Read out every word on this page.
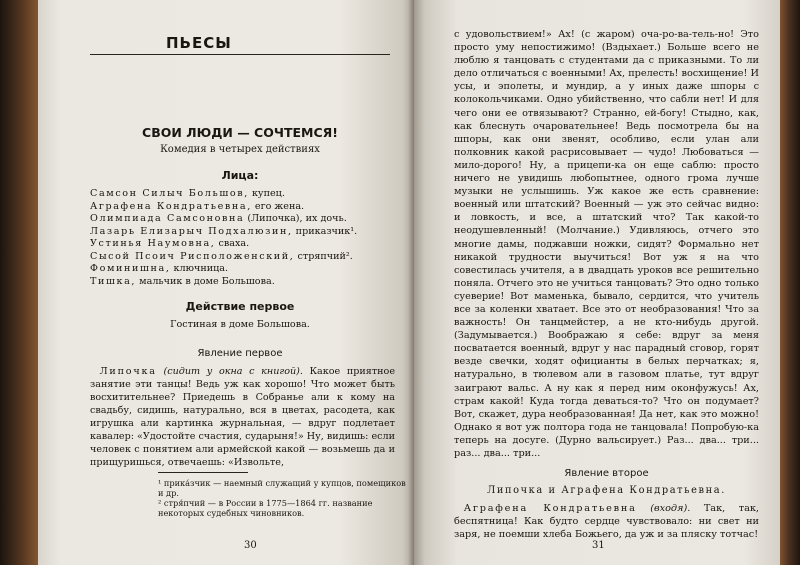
ПЬЕСЫ
СВОИ ЛЮДИ — СОЧТЕМСЯ!
Комедия в четырех действиях
Лица:
Самсон Силыч Большов, купец.
Аграфена Кондратьевна, его жена.
Олимпиада Самсоновна (Липочка), их дочь.
Лазарь Елизарыч Подхалюзин, приказчик¹.
Устинья Наумовна, сваха.
Сысой Псоич Рисположенский, стряпчий².
Фоминишна, ключница.
Тишка, мальчик в доме Большова.
Действие первое
Гостиная в доме Большова.
Явление первое

 Липочка (сидит у окна с книгой). Какое приятное занятие эти танцы! Ведь уж как хорошо! Что может быть восхитительнее? Приедешь в Собранье али к кому на свадьбу, сидишь, натурально, вся в цветах, расодета, как игрушка али картинка журнальная, — вдруг подлетает кавалер: «Удостойте счастия, сударыня!» Ну, видишь: если человек с понятием али армейской какой — возьмешь да и прищуришься, отвечаешь: «Извольте,

¹ прика́зчик — наемный служащий у купцов, помещиков и др.
² стря́пчий — в России в 1775—1864 гг. название некоторых судебных чиновников.
30

с удовольствием!» Ах! (с жаром) оча-ро-ва-тель-но! Это просто уму непостижимо! (Вздыхает.) Больше всего не люблю я танцовать с студентами да с приказными. То ли дело отличаться с военными! Ах, прелесть! восхищение! И усы, и эполеты, и мундир, а у иных даже шпоры с колокольчиками. Одно убийственно, что сабли нет! И для чего они ее отвязывают? Странно, ей-богу! Стыдно, как, как блеснуть очаровательнее! Ведь посмотрела бы на шпоры, как они звенят, особливо, если улан али полковник какой расрисовывает — чудо! Любоваться — мило-дорого! Ну, а прицепи-ка он еще саблю: просто ничего не увидишь любопытнее, одного грома лучше музыки не услышишь. Уж какое же есть сравнение: военный или штатский? Военный — уж это сейчас видно: и ловкость, и все, а штатский что? Так какой-то неодушевленный! (Молчание.) Удивляюсь, отчего это многие дамы, поджавши ножки, сидят? Формально нет никакой трудности выучиться! Вот уж я на что совестилась учителя, а в двадцать уроков все решительно поняла. Отчего это не учиться танцовать? Это одно только суеверие! Вот маменька, бывало, сердится, что учитель все за коленки хватает. Все это от необразования! Что за важность! Он танцмейстер, а не кто-нибудь другой. (Задумывается.) Воображаю я себе: вдруг за меня посватается военный, вдруг у нас парадный сговор, горят везде свечки, ходят официанты в белых перчатках; я, натурально, в тюлевом али в газовом платье, тут вдруг заиграют вальс. А ну как я перед ним оконфужусь! Ах, страм какой! Куда тогда деваться-то? Что он подумает? Вот, скажет, дура необразованная! Да нет, как это можно! Однако я вот уж полтора года не танцовала! Попробую-ка теперь на досуге. (Дурно вальсирует.) Раз... два... три... раз... два... три...

Явление второе
Липочка и Аграфена Кондратьевна.

 Аграфена Кондратьевна (входя). Так, так, беспятница! Как будто сердце чувствовало: ни свет ни заря, не поемши хлеба Божьего, да уж и за пляску тотчас!

31
